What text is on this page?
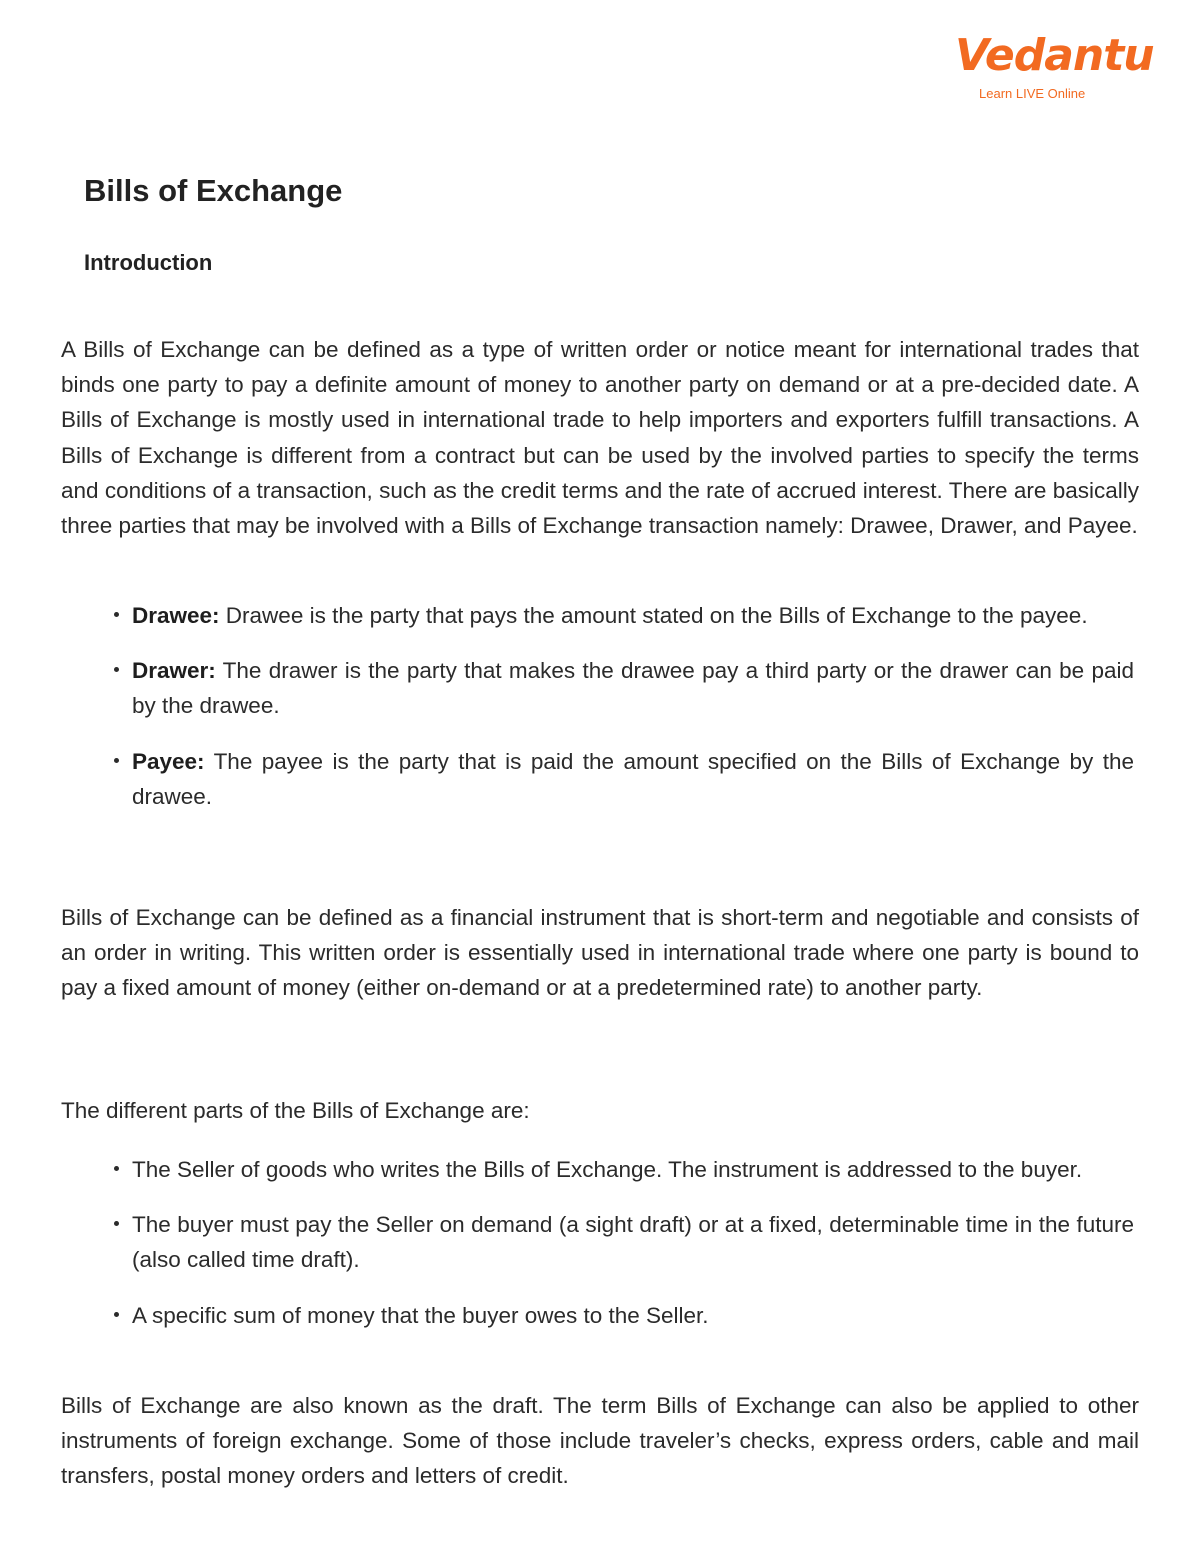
Vedantu
Learn LIVE Online
Bills of Exchange
Introduction

A Bills of Exchange can be defined as a type of written order or notice meant for international trades that binds one party to pay a definite amount of money to another party on demand or at a pre-decided date. A Bills of Exchange is mostly used in international trade to help importers and exporters fulfill transactions. A Bills of Exchange is different from a contract but can be used by the involved parties to specify the terms and conditions of a transaction, such as the credit terms and the rate of accrued interest. There are basically three parties that may be involved with a Bills of Exchange transaction namely: Drawee, Drawer, and Payee.

Drawee: Drawee is the party that pays the amount stated on the Bills of Exchange to the payee.
Drawer: The drawer is the party that makes the drawee pay a third party or the drawer can be paid by the drawee.
Payee: The payee is the party that is paid the amount specified on the Bills of Exchange by the drawee.

Bills of Exchange can be defined as a financial instrument that is short-term and negotiable and consists of an order in writing. This written order is essentially used in international trade where one party is bound to pay a fixed amount of money (either on-demand or at a predetermined rate) to another party.

The different parts of the Bills of Exchange are:

The Seller of goods who writes the Bills of Exchange. The instrument is addressed to the buyer.
The buyer must pay the Seller on demand (a sight draft) or at a fixed, determinable time in the future (also called time draft).
A specific sum of money that the buyer owes to the Seller.

Bills of Exchange are also known as the draft. The term Bills of Exchange can also be applied to other instruments of foreign exchange. Some of those include traveler’s checks, express orders, cable and mail transfers, postal money orders and letters of credit.
